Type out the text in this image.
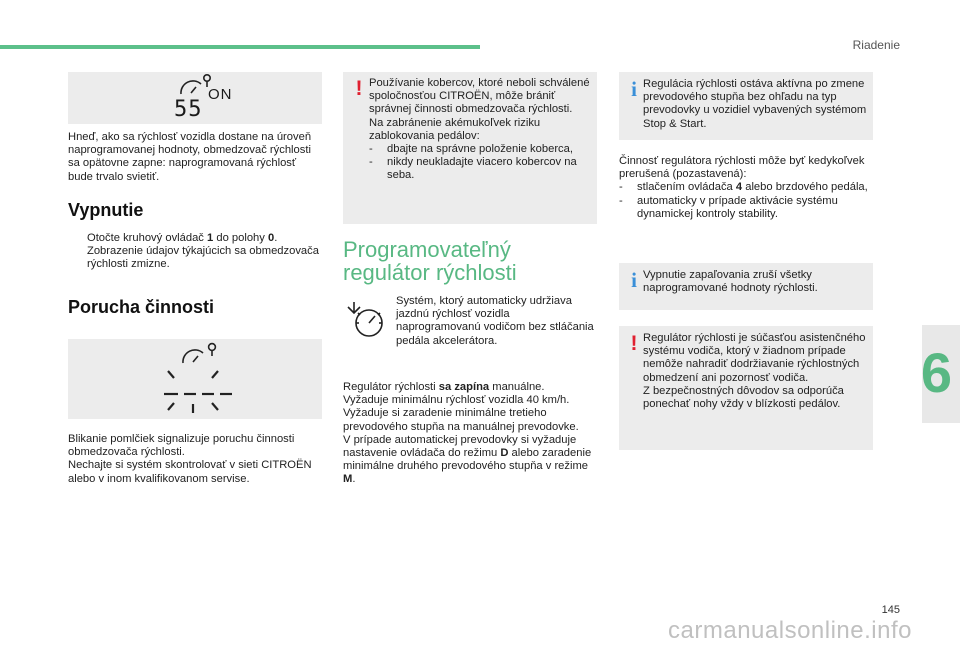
Riadenie
6
55
ON
Hneď, ako sa rýchlosť vozidla dostane na úroveň naprogramovanej hodnoty, obmedzovač rýchlosti sa opätovne zapne: naprogramovaná rýchlosť bude trvalo svietiť.
Vypnutie
Otočte kruhový ovládač 1 do polohy 0. Zobrazenie údajov týkajúcich sa obmedzovača rýchlosti zmizne.
Porucha činnosti
Blikanie pomlčiek signalizuje poruchu činnosti obmedzovača rýchlosti.
Nechajte si systém skontrolovať v sieti CITROËN alebo v inom kvalifikovanom servise.
! Používanie kobercov, ktoré neboli schválené spoločnosťou CITROËN, môže brániť správnej činnosti obmedzovača rýchlosti.
Na zabránenie akémukoľvek riziku zablokovania pedálov:
- dbajte na správne položenie koberca,
- nikdy neukladajte viacero kobercov na seba.
Programovateľný
regulátor rýchlosti
Systém, ktorý automaticky udržiava jazdnú rýchlosť vozidla naprogramovanú vodičom bez stláčania pedála akcelerátora.
Regulátor rýchlosti sa zapína manuálne.
Vyžaduje minimálnu rýchlosť vozidla 40 km/h.
Vyžaduje si zaradenie minimálne tretieho prevodového stupňa na manuálnej prevodovke.
V prípade automatickej prevodovky si vyžaduje nastavenie ovládača do režimu D alebo zaradenie minimálne druhého prevodového stupňa v režime M.
i Regulácia rýchlosti ostáva aktívna po zmene prevodového stupňa bez ohľadu na typ prevodovky u vozidiel vybavených systémom Stop & Start.
Činnosť regulátora rýchlosti môže byť kedykoľvek prerušená (pozastavená):
- stlačením ovládača 4 alebo brzdového pedála,
- automaticky v prípade aktivácie systému dynamickej kontroly stability.
i Vypnutie zapaľovania zruší všetky naprogramované hodnoty rýchlosti.
! Regulátor rýchlosti je súčasťou asistenčného systému vodiča, ktorý v žiadnom prípade nemôže nahradiť dodržiavanie rýchlostných obmedzení ani pozornosť vodiča.
Z bezpečnostných dôvodov sa odporúča ponechať nohy vždy v blízkosti pedálov.
145
carmanualsonline.info
